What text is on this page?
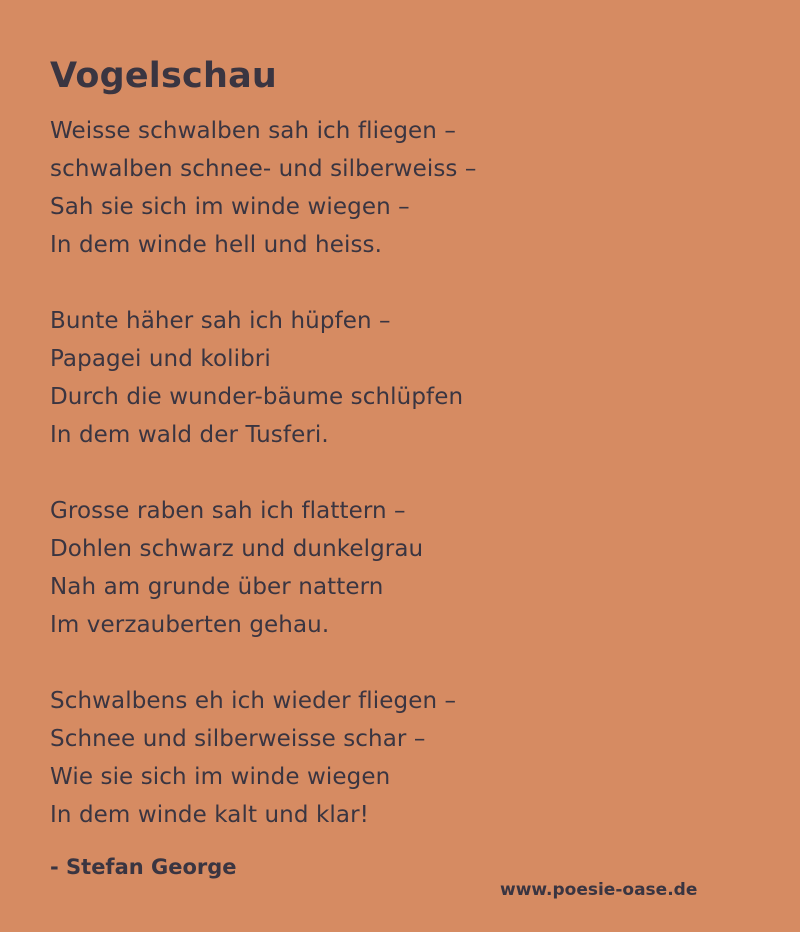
Vogelschau
Weisse schwalben sah ich fliegen –
schwalben schnee- und silberweiss –
Sah sie sich im winde wiegen –
In dem winde hell und heiss.
Bunte häher sah ich hüpfen –
Papagei und kolibri
Durch die wunder-bäume schlüpfen
In dem wald der Tusferi.
Grosse raben sah ich flattern –
Dohlen schwarz und dunkelgrau
Nah am grunde über nattern
Im verzauberten gehau.
Schwalbens eh ich wieder fliegen –
Schnee und silberweisse schar –
Wie sie sich im winde wiegen
In dem winde kalt und klar!
- Stefan George
www.poesie-oase.de
